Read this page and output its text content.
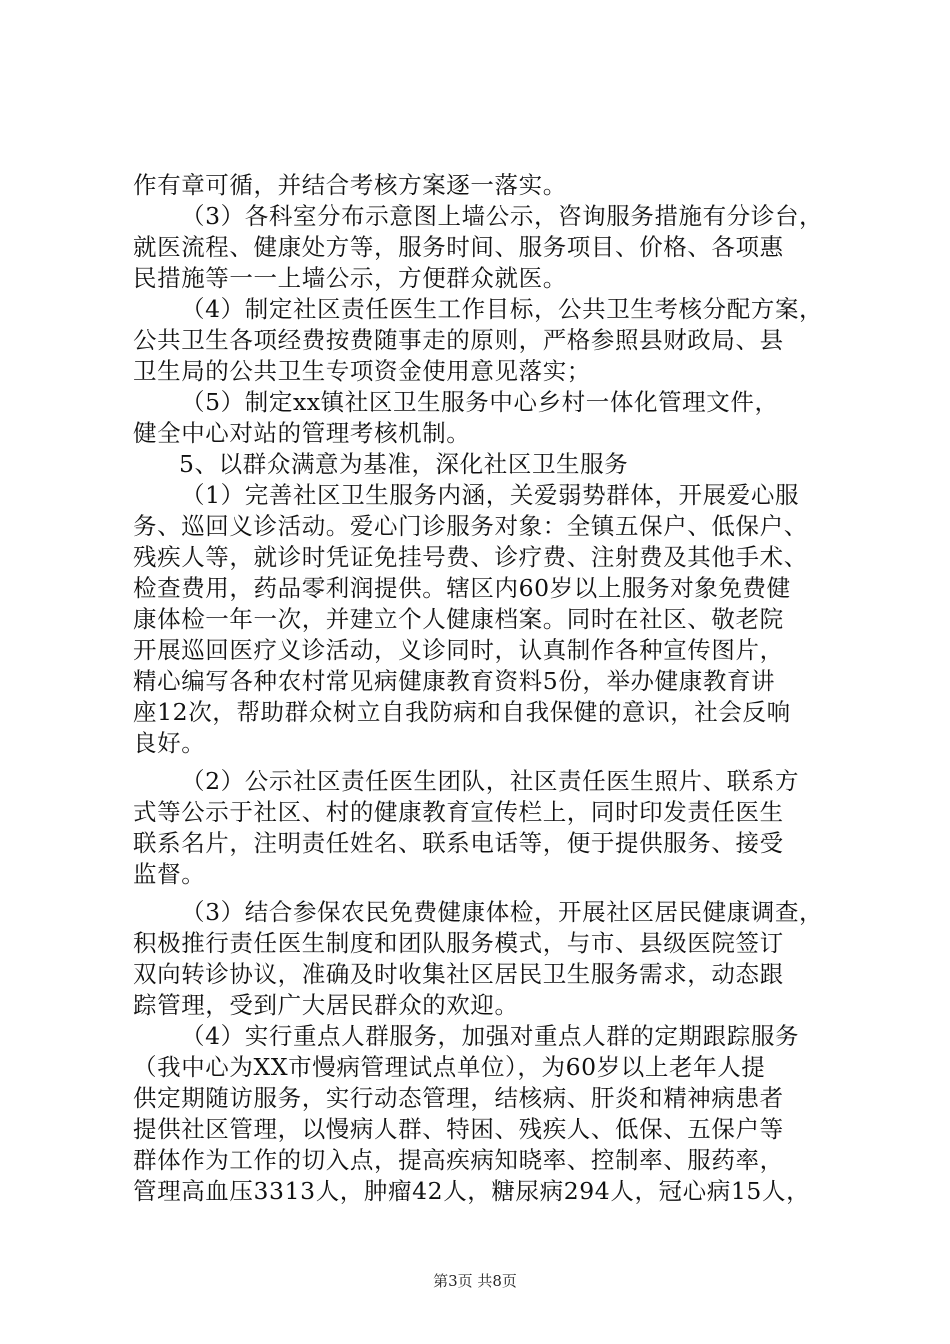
作有章可循，并结合考核方案逐一落实。
（3）各科室分布示意图上墙公示，咨询服务措施有分诊台，
就医流程、健康处方等，服务时间、服务项目、价格、各项惠
民措施等一一上墙公示，方便群众就医。
（4）制定社区责任医生工作目标，公共卫生考核分配方案，
公共卫生各项经费按费随事走的原则，严格参照县财政局、县
卫生局的公共卫生专项资金使用意见落实；
（5）制定xx镇社区卫生服务中心乡村一体化管理文件，
健全中心对站的管理考核机制。
5、以群众满意为基准，深化社区卫生服务
（1）完善社区卫生服务内涵，关爱弱势群体，开展爱心服
务、巡回义诊活动。爱心门诊服务对象：全镇五保户、低保户、
残疾人等，就诊时凭证免挂号费、诊疗费、注射费及其他手术、
检查费用，药品零利润提供。辖区内60岁以上服务对象免费健
康体检一年一次，并建立个人健康档案。同时在社区、敬老院
开展巡回医疗义诊活动，义诊同时，认真制作各种宣传图片，
精心编写各种农村常见病健康教育资料5份，举办健康教育讲
座12次，帮助群众树立自我防病和自我保健的意识，社会反响
良好。
（2）公示社区责任医生团队，社区责任医生照片、联系方
式等公示于社区、村的健康教育宣传栏上，同时印发责任医生
联系名片，注明责任姓名、联系电话等，便于提供服务、接受
监督。
（3）结合参保农民免费健康体检，开展社区居民健康调查，
积极推行责任医生制度和团队服务模式，与市、县级医院签订
双向转诊协议，准确及时收集社区居民卫生服务需求，动态跟
踪管理，受到广大居民群众的欢迎。
（4）实行重点人群服务，加强对重点人群的定期跟踪服务
（我中心为XX市慢病管理试点单位），为60岁以上老年人提
供定期随访服务，实行动态管理，结核病、肝炎和精神病患者
提供社区管理，以慢病人群、特困、残疾人、低保、五保户等
群体作为工作的切入点，提高疾病知晓率、控制率、服药率，
管理高血压3313人，肿瘤42人，糖尿病294人，冠心病15人，
第3页 共8页
